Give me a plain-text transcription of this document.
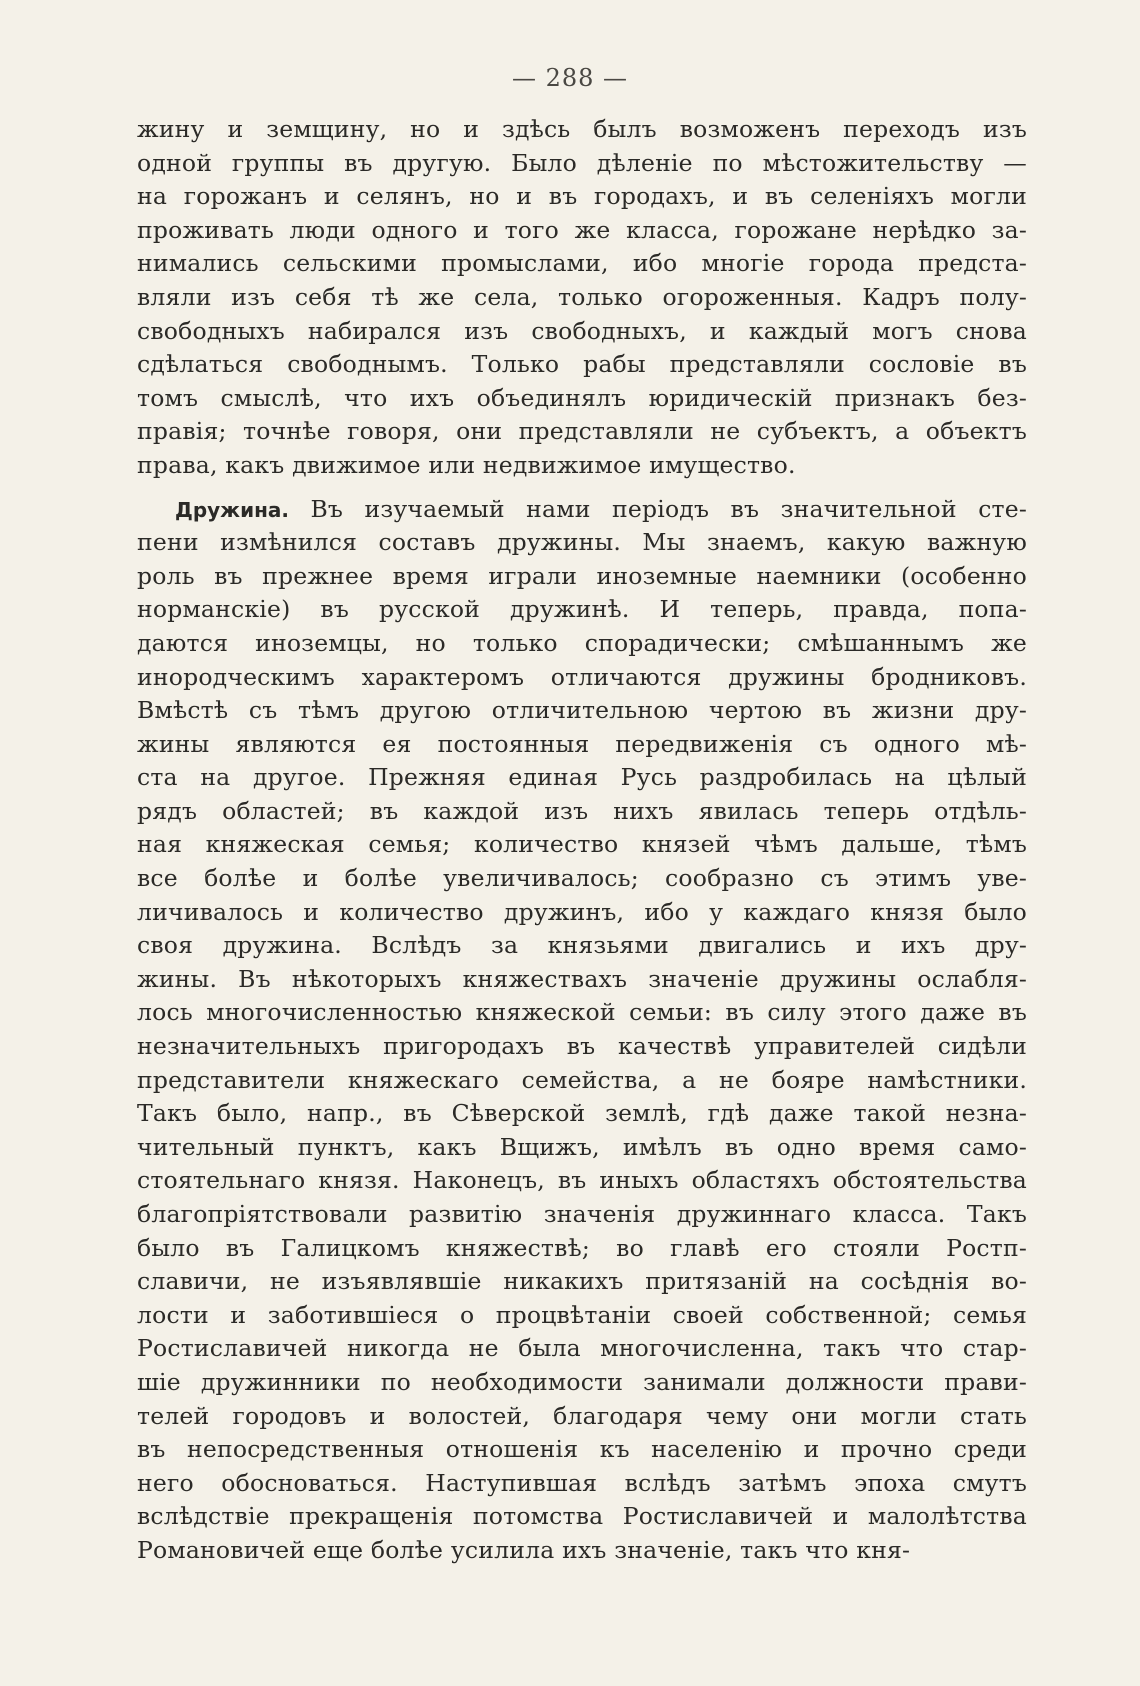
— 288 —
жину и земщину, но и здѣсь былъ возможенъ переходъ изъ
одной группы въ другую. Было дѣленіе по мѣстожительству —
на горожанъ и селянъ, но и въ городахъ, и въ селеніяхъ могли
проживать люди одного и того же класса, горожане нерѣдко за-
нимались сельскими промыслами, ибо многіе города предста-
вляли изъ себя тѣ же села, только огороженныя. Кадръ полу-
свободныхъ набирался изъ свободныхъ, и каждый могъ снова
сдѣлаться свободнымъ. Только рабы представляли сословіе въ
томъ смыслѣ, что ихъ объединялъ юридическій признакъ без-
правія; точнѣе говоря, они представляли не субъектъ, а объектъ
права, какъ движимое или недвижимое имущество.
Дружина. Въ изучаемый нами періодъ въ значительной сте-
пени измѣнился составъ дружины. Мы знаемъ, какую важную
роль въ прежнее время играли иноземные наемники (особенно
норманскіе) въ русской дружинѣ. И теперь, правда, попа-
даются иноземцы, но только спорадически; смѣшаннымъ же
инородческимъ характеромъ отличаются дружины бродниковъ.
Вмѣстѣ съ тѣмъ другою отличительною чертою въ жизни дру-
жины являются ея постоянныя передвиженія съ одного мѣ-
ста на другое. Прежняя единая Русь раздробилась на цѣлый
рядъ областей; въ каждой изъ нихъ явилась теперь отдѣль-
ная княжеская семья; количество князей чѣмъ дальше, тѣмъ
все болѣе и болѣе увеличивалось; сообразно съ этимъ уве-
личивалось и количество дружинъ, ибо у каждаго князя было
своя дружина. Вслѣдъ за князьями двигались и ихъ дру-
жины. Въ нѣкоторыхъ княжествахъ значеніе дружины ослабля-
лось многочисленностью княжеской семьи: въ силу этого даже въ
незначительныхъ пригородахъ въ качествѣ управителей сидѣли
представители княжескаго семейства, а не бояре намѣстники.
Такъ было, напр., въ Сѣверской землѣ, гдѣ даже такой незна-
чительный пунктъ, какъ Вщижъ, имѣлъ въ одно время само-
стоятельнаго князя. Наконецъ, въ иныхъ областяхъ обстоятельства
благопріятствовали развитію значенія дружиннаго класса. Такъ
было въ Галицкомъ княжествѣ; во главѣ его стояли Ростп-
славичи, не изъявлявшіе никакихъ притязаній на сосѣднія во-
лости и заботившіеся о процвѣтаніи своей собственной; семья
Ростиславичей никогда не была многочисленна, такъ что стар-
шіе дружинники по необходимости занимали должности прави-
телей городовъ и волостей, благодаря чему они могли стать
въ непосредственныя отношенія къ населенію и прочно среди
него обосноваться. Наступившая вслѣдъ затѣмъ эпоха смутъ
вслѣдствіе прекращенія потомства Ростиславичей и малолѣтства
Романовичей еще болѣе усилила ихъ значеніе, такъ что кня-
